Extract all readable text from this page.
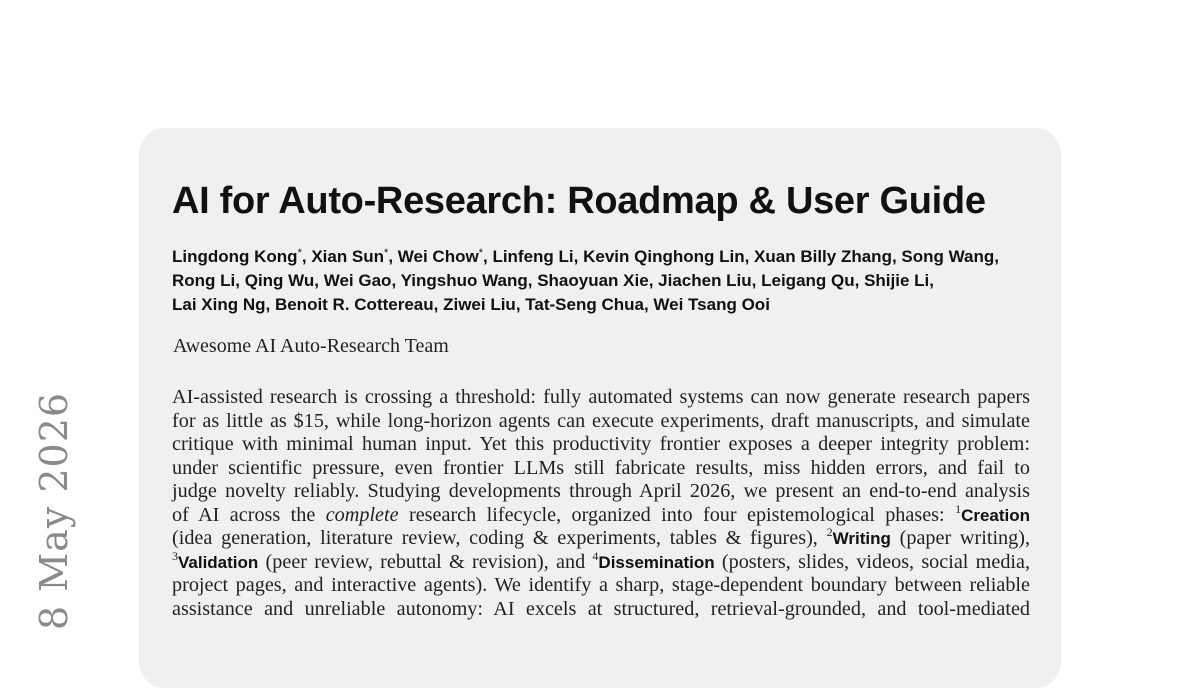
8 May 2026
AI for Auto-Research: Roadmap & User Guide
Lingdong Kong*, Xian Sun*, Wei Chow*, Linfeng Li, Kevin Qinghong Lin, Xuan Billy Zhang, Song Wang,
Rong Li, Qing Wu, Wei Gao, Yingshuo Wang, Shaoyuan Xie, Jiachen Liu, Leigang Qu, Shijie Li,
Lai Xing Ng, Benoit R. Cottereau, Ziwei Liu, Tat-Seng Chua, Wei Tsang Ooi
Awesome AI Auto-Research Team
AI-assisted research is crossing a threshold: fully automated systems can now generate research papers
for as little as $15, while long-horizon agents can execute experiments, draft manuscripts, and simulate
critique with minimal human input. Yet this productivity frontier exposes a deeper integrity problem:
under scientific pressure, even frontier LLMs still fabricate results, miss hidden errors, and fail to
judge novelty reliably. Studying developments through April 2026, we present an end-to-end analysis
of AI across the complete research lifecycle, organized into four epistemological phases: $^1$Creation
(idea generation, literature review, coding & experiments, tables & figures), $^2$Writing (paper writing),
$^3$Validation (peer review, rebuttal & revision), and $^4$Dissemination (posters, slides, videos, social media,
project pages, and interactive agents). We identify a sharp, stage-dependent boundary between reliable
assistance and unreliable autonomy: AI excels at structured, retrieval-grounded, and tool-mediated
